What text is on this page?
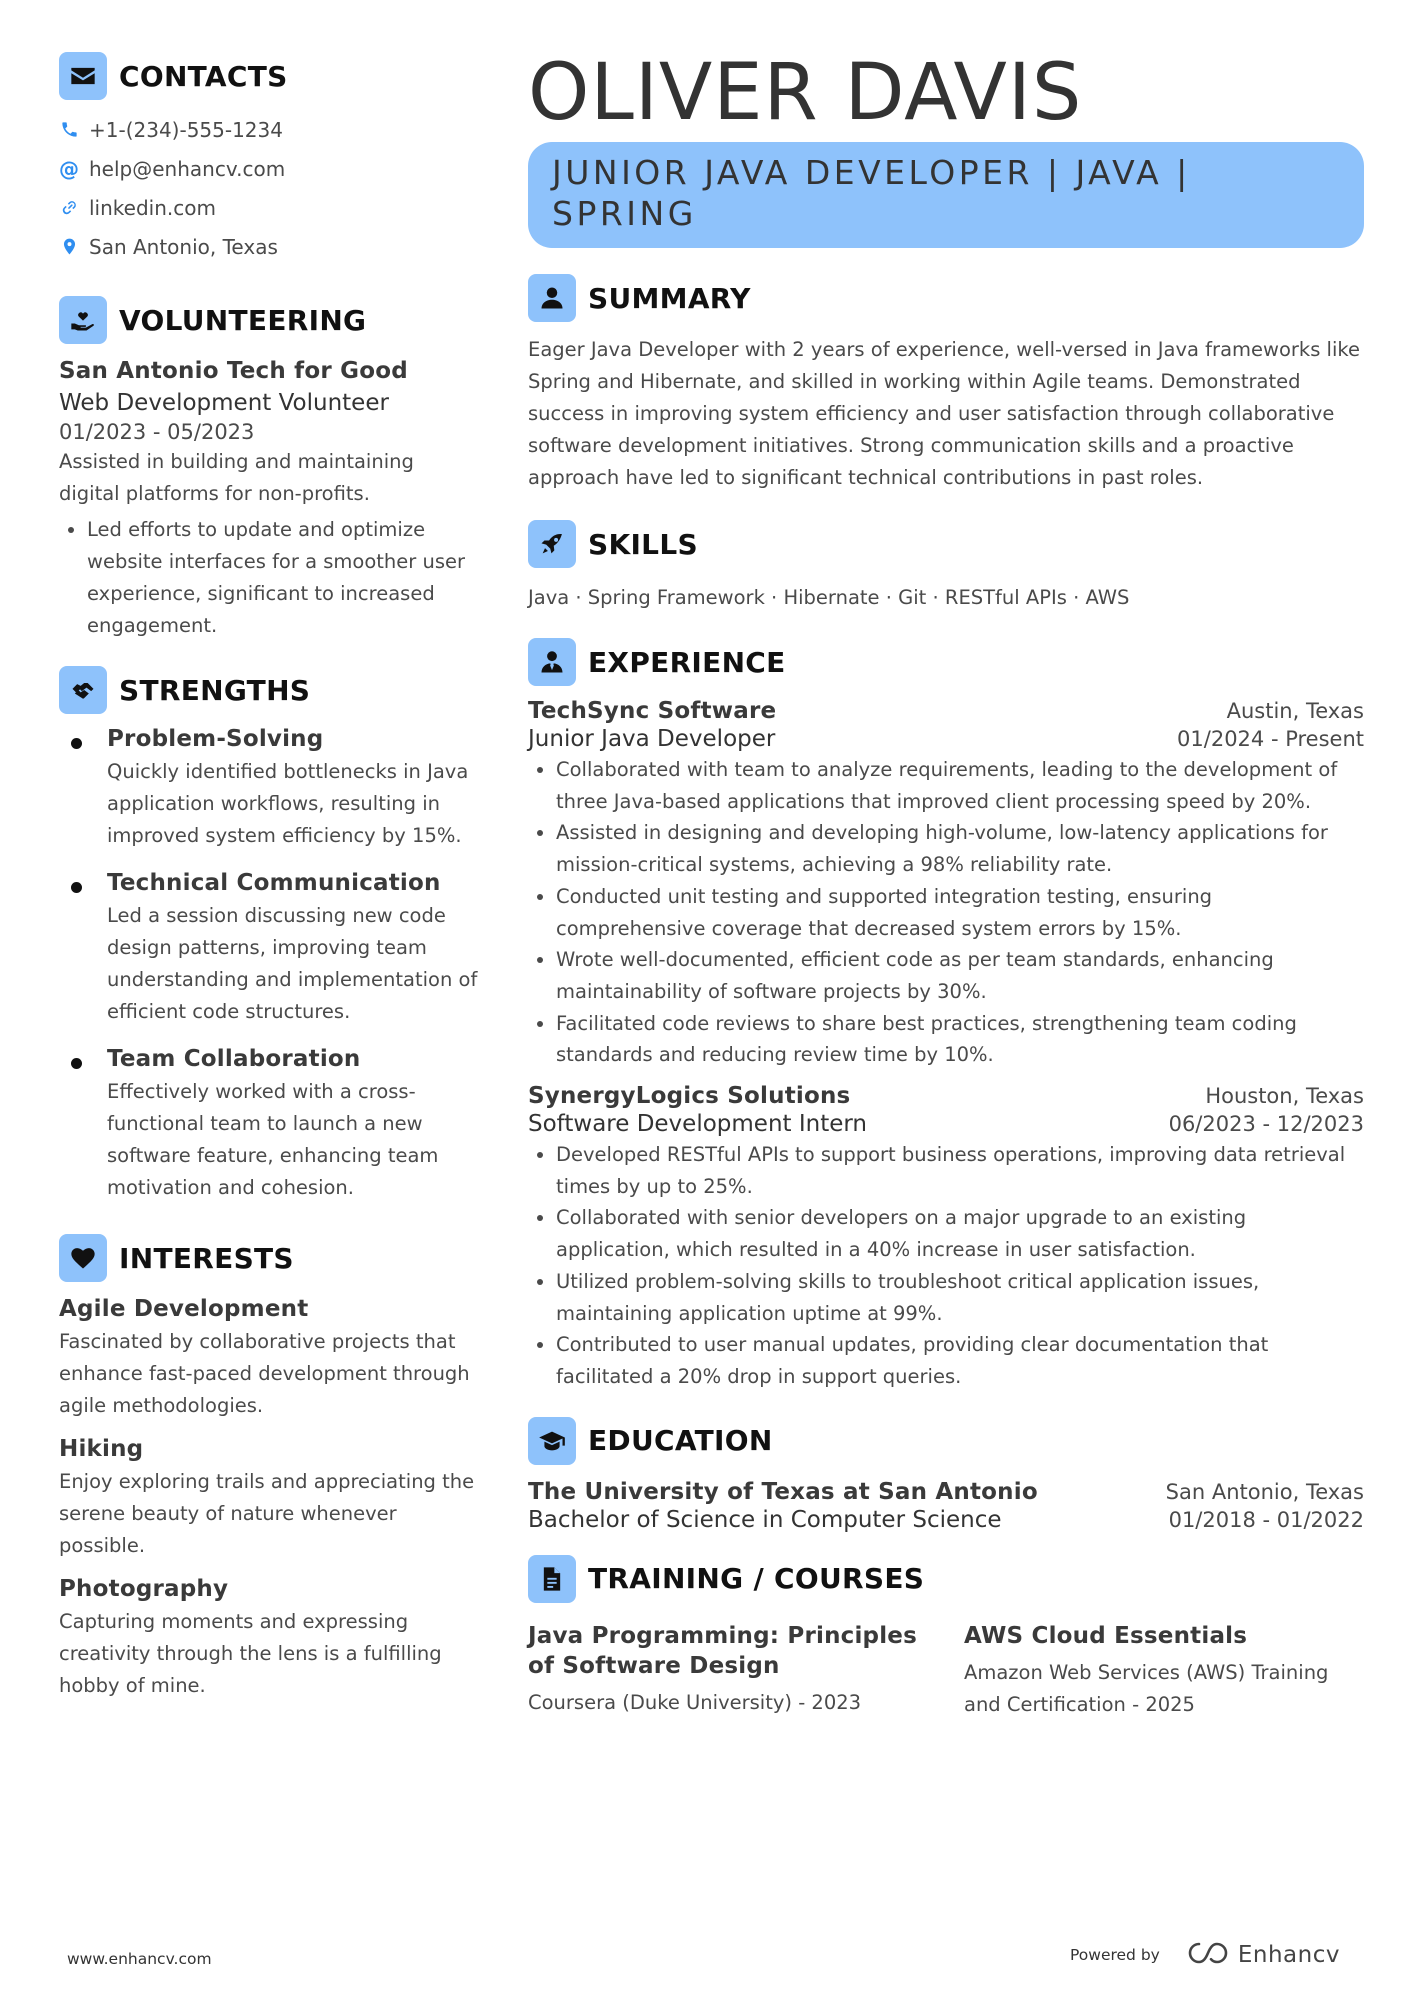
CONTACTS
+1-(234)-555-1234
@ help@enhancv.com
linkedin.com
San Antonio, Texas
VOLUNTEERING
San Antonio Tech for Good
Web Development Volunteer
01/2023 - 05/2023
Assisted in building and maintaining digital platforms for non-profits.
• Led efforts to update and optimize website interfaces for a smoother user experience, significant to increased engagement.
STRENGTHS
Problem-Solving
Quickly identified bottlenecks in Java application workflows, resulting in improved system efficiency by 15%.
Technical Communication
Led a session discussing new code design patterns, improving team understanding and implementation of efficient code structures.
Team Collaboration
Effectively worked with a cross-functional team to launch a new software feature, enhancing team motivation and cohesion.
INTERESTS
Agile Development
Fascinated by collaborative projects that enhance fast-paced development through agile methodologies.
Hiking
Enjoy exploring trails and appreciating the serene beauty of nature whenever possible.
Photography
Capturing moments and expressing creativity through the lens is a fulfilling hobby of mine.
OLIVER DAVIS
JUNIOR JAVA DEVELOPER | JAVA | SPRING
SUMMARY
Eager Java Developer with 2 years of experience, well-versed in Java frameworks like Spring and Hibernate, and skilled in working within Agile teams. Demonstrated success in improving system efficiency and user satisfaction through collaborative software development initiatives. Strong communication skills and a proactive approach have led to significant technical contributions in past roles.
SKILLS
Java · Spring Framework · Hibernate · Git · RESTful APIs · AWS
EXPERIENCE
TechSync Software	Austin, Texas
Junior Java Developer	01/2024 - Present
• Collaborated with team to analyze requirements, leading to the development of three Java-based applications that improved client processing speed by 20%.
• Assisted in designing and developing high-volume, low-latency applications for mission-critical systems, achieving a 98% reliability rate.
• Conducted unit testing and supported integration testing, ensuring comprehensive coverage that decreased system errors by 15%.
• Wrote well-documented, efficient code as per team standards, enhancing maintainability of software projects by 30%.
• Facilitated code reviews to share best practices, strengthening team coding standards and reducing review time by 10%.
SynergyLogics Solutions	Houston, Texas
Software Development Intern	06/2023 - 12/2023
• Developed RESTful APIs to support business operations, improving data retrieval times by up to 25%.
• Collaborated with senior developers on a major upgrade to an existing application, which resulted in a 40% increase in user satisfaction.
• Utilized problem-solving skills to troubleshoot critical application issues, maintaining application uptime at 99%.
• Contributed to user manual updates, providing clear documentation that facilitated a 20% drop in support queries.
EDUCATION
The University of Texas at San Antonio	San Antonio, Texas
Bachelor of Science in Computer Science	01/2018 - 01/2022
TRAINING / COURSES
Java Programming: Principles of Software Design
Coursera (Duke University) - 2023
AWS Cloud Essentials
Amazon Web Services (AWS) Training and Certification - 2025
www.enhancv.com	Powered by	Enhancv
